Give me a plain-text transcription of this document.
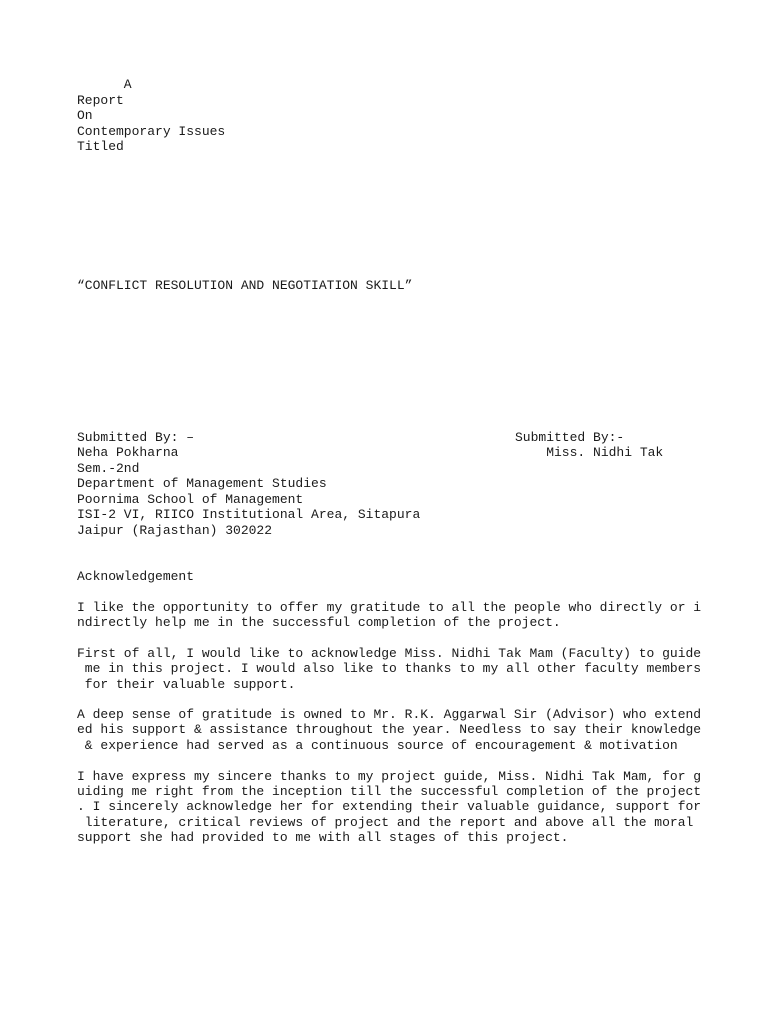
A
Report
On
Contemporary Issues
Titled
“CONFLICT RESOLUTION AND NEGOTIATION SKILL”
Submitted By: –
Neha Pokharna
Sem.-2nd
Department of Management Studies
Poornima School of Management
ISI-2 VI, RIICO Institutional Area, Sitapura
Jaipur (Rajasthan) 302022
Submitted By:-
Miss. Nidhi Tak
Acknowledgement
I like the opportunity to offer my gratitude to all the people who directly or i
ndirectly help me in the successful completion of the project.
First of all, I would like to acknowledge Miss. Nidhi Tak Mam (Faculty) to guide
me in this project. I would also like to thanks to my all other faculty members
for their valuable support.
A deep sense of gratitude is owned to Mr. R.K. Aggarwal Sir (Advisor) who extend
ed his support & assistance throughout the year. Needless to say their knowledge
& experience had served as a continuous source of encouragement & motivation
I have express my sincere thanks to my project guide, Miss. Nidhi Tak Mam, for g
uiding me right from the inception till the successful completion of the project
. I sincerely acknowledge her for extending their valuable guidance, support for
literature, critical reviews of project and the report and above all the moral
support she had provided to me with all stages of this project.
